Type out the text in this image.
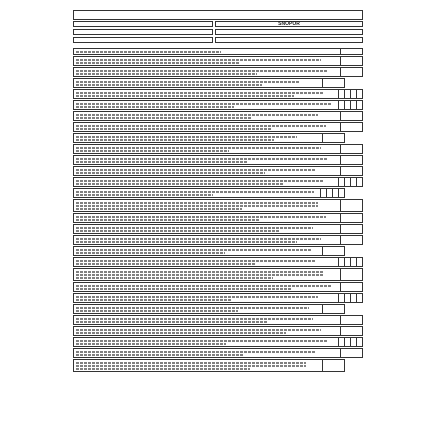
SNOPOR
